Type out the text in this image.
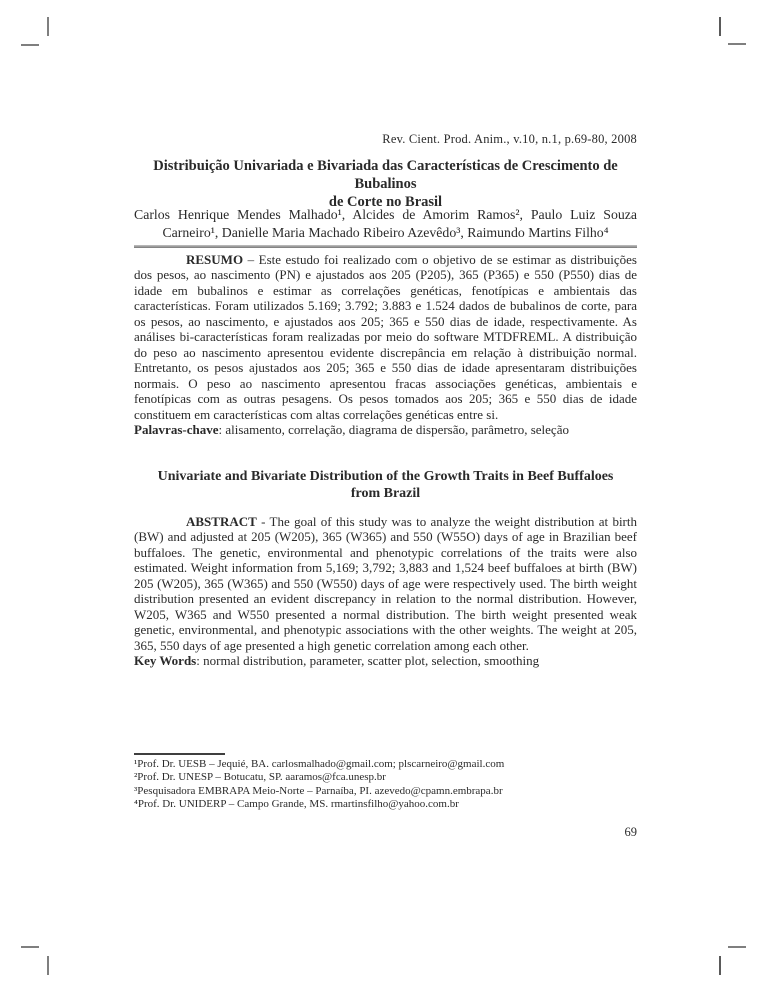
Rev. Cient. Prod. Anim., v.10, n.1, p.69-80, 2008
Distribuição Univariada e Bivariada das Características de Crescimento de Bubalinos
de Corte no Brasil
Carlos Henrique Mendes Malhado¹, Alcides de Amorim Ramos², Paulo Luiz Souza
Carneiro¹, Danielle Maria Machado Ribeiro Azevêdo³, Raimundo Martins Filho⁴

RESUMO – Este estudo foi realizado com o objetivo de se estimar as distribuições dos pesos, ao nascimento (PN) e ajustados aos 205 (P205), 365 (P365) e 550 (P550) dias de idade em bubalinos e estimar as correlações genéticas, fenotípicas e ambientais das características. Foram utilizados 5.169; 3.792; 3.883 e 1.524 dados de bubalinos de corte, para os pesos, ao nascimento, e ajustados aos 205; 365 e 550 dias de idade, respectivamente. As análises bi-características foram realizadas por meio do software MTDFREML. A distribuição do peso ao nascimento apresentou evidente discrepância em relação à distribuição normal. Entretanto, os pesos ajustados aos 205; 365 e 550 dias de idade apresentaram distribuições normais. O peso ao nascimento apresentou fracas associações genéticas, ambientais e fenotípicas com as outras pesagens. Os pesos tomados aos 205; 365 e 550 dias de idade constituem em características com altas correlações genéticas entre si.

Palavras-chave: alisamento, correlação, diagrama de dispersão, parâmetro, seleção

Univariate and Bivariate Distribution of the Growth Traits in Beef Buffaloes
from Brazil

ABSTRACT - The goal of this study was to analyze the weight distribution at birth (BW) and adjusted at 205 (W205), 365 (W365) and 550 (W55O) days of age in Brazilian beef buffaloes. The genetic, environmental and phenotypic correlations of the traits were also estimated. Weight information from 5,169; 3,792; 3,883 and 1,524 beef buffaloes at birth (BW) 205 (W205), 365 (W365) and 550 (W550) days of age were respectively used. The birth weight distribution presented an evident discrepancy in relation to the normal distribution. However, W205, W365 and W550 presented a normal distribution. The birth weight presented weak genetic, environmental, and phenotypic associations with the other weights. The weight at 205, 365, 550 days of age presented a high genetic correlation among each other.

Key Words: normal distribution, parameter, scatter plot, selection, smoothing

¹Prof. Dr. UESB – Jequié, BA. carlosmalhado@gmail.com; plscarneiro@gmail.com
²Prof. Dr. UNESP – Botucatu, SP. aaramos@fca.unesp.br
³Pesquisadora EMBRAPA Meio-Norte – Parnaíba, PI. azevedo@cpamn.embrapa.br
⁴Prof. Dr. UNIDERP – Campo Grande, MS. rmartinsfilho@yahoo.com.br
69
